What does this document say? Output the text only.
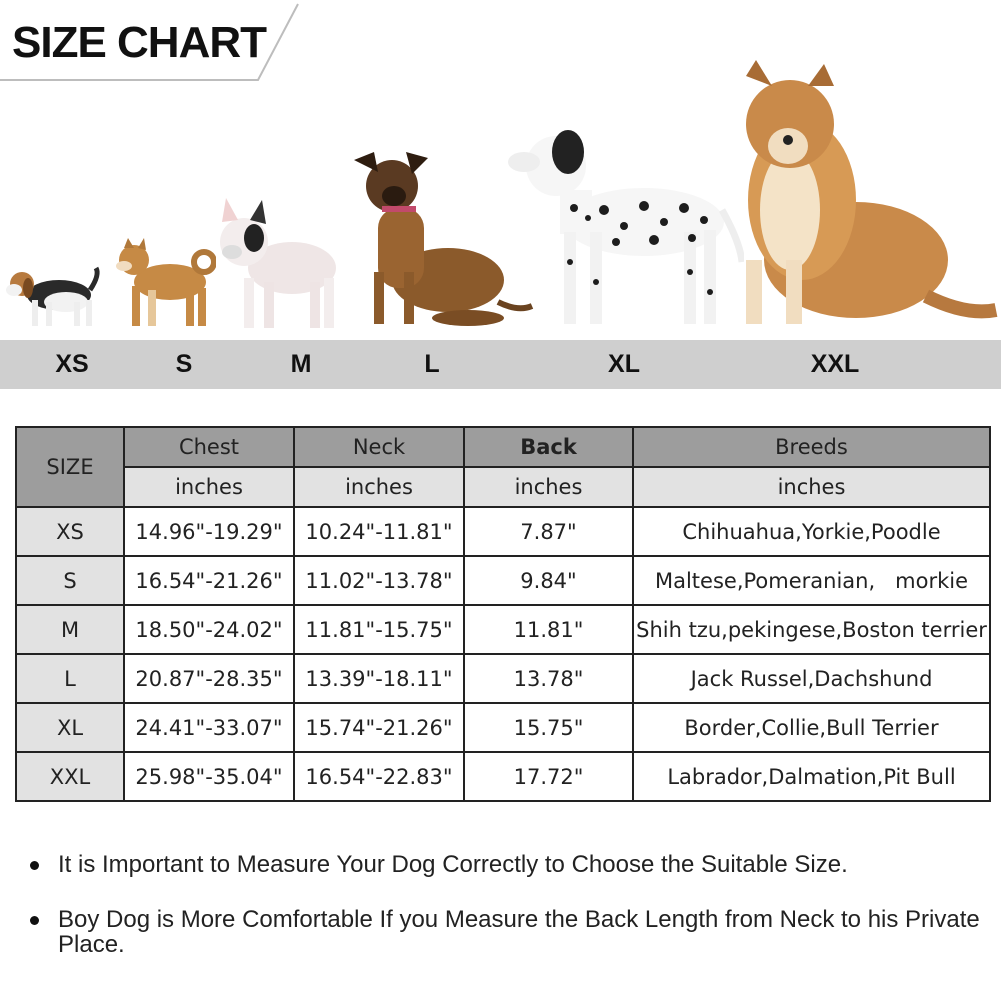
SIZE CHART
XS	S	M	L	XL	XXL
SIZE	Chest	Neck	Back	Breeds
	inches	inches	inches	inches
XS	14.96"-19.29"	10.24"-11.81"	7.87"	Chihuahua,Yorkie,Poodle
S	16.54"-21.26"	11.02"-13.78"	9.84"	Maltese,Pomeranian,   morkie
M	18.50"-24.02"	11.81"-15.75"	11.81"	Shih tzu,pekingese,Boston terrier
L	20.87"-28.35"	13.39"-18.11"	13.78"	Jack Russel,Dachshund
XL	24.41"-33.07"	15.74"-21.26"	15.75"	Border,Collie,Bull Terrier
XXL	25.98"-35.04"	16.54"-22.83"	17.72"	Labrador,Dalmation,Pit Bull
It is Important to Measure Your Dog Correctly to Choose the Suitable Size.
Boy Dog is More Comfortable If you Measure the Back Length from Neck to his Private Place.
